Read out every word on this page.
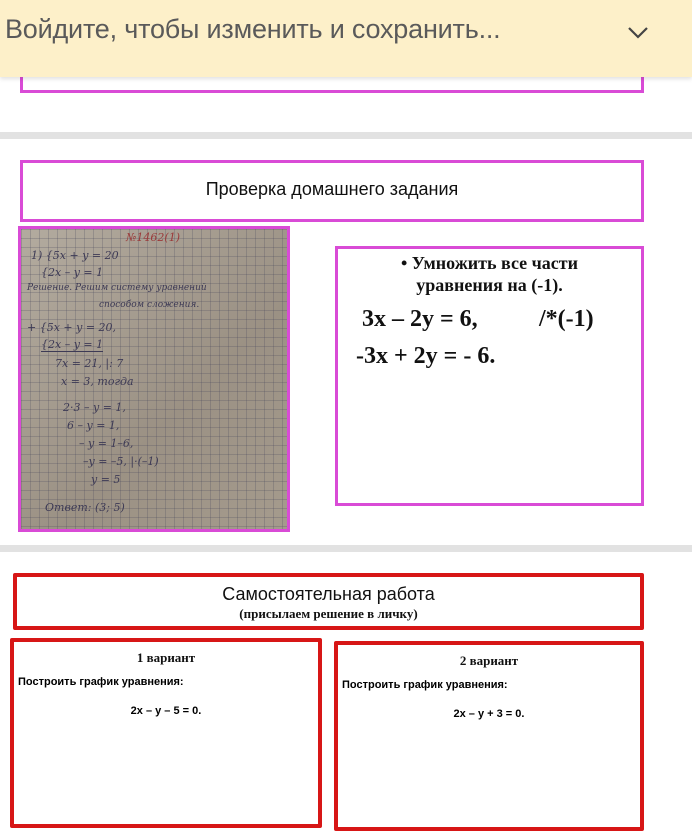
Войдите, чтобы изменить и сохранить...
Проверка домашнего задания
№1462(1)
1) {5x + y = 20
{2x – y = 1
Решение. Решим систему уравнений
способом сложения.
+ {5x + y = 20,
{2x – y = 1
7x = 21, |: 7
x = 3, тогда
2·3 – y = 1,
6 – y = 1,
– y = 1–6,
–y = –5, |·(–1)
y = 5
Ответ: (3; 5)
• Умножить все части уравнения на (-1).
3x – 2y = 6,	/*(-1)
-3x + 2y = - 6.
Самостоятельная работа
(присылаем решение в личку)
1 вариант
Построить график уравнения:
2x – y – 5 = 0.
2 вариант
Построить график уравнения:
2x – y + 3 = 0.
